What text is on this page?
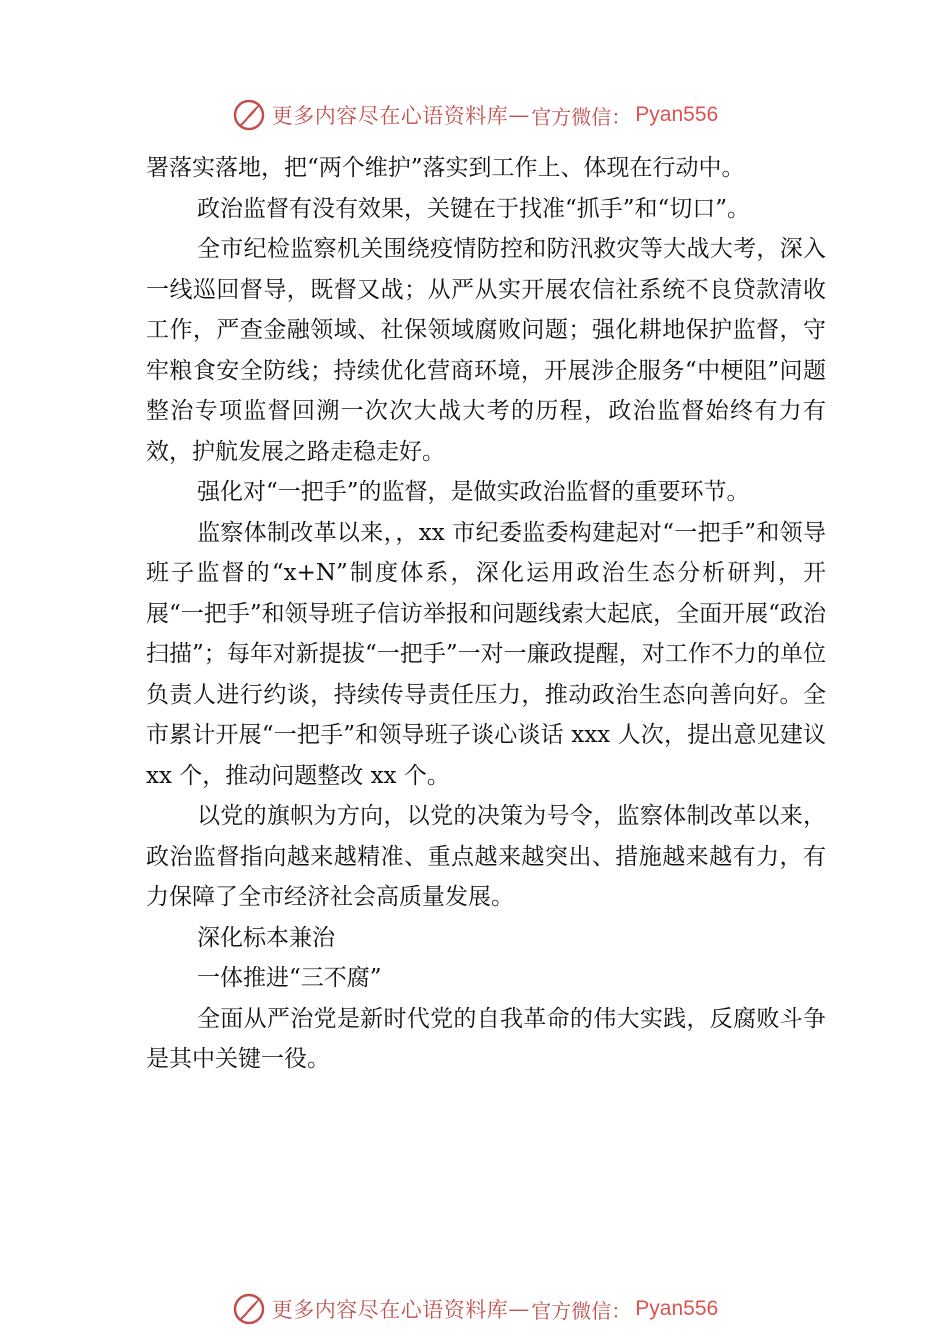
更多内容尽在心语资料库 — 官方微信： Pyan556

署落实落地，把“两个维护”落实到工作上、体现在行动中。

政治监督有没有效果，关键在于找准“抓手”和“切口”。

全市纪检监察机关围绕疫情防控和防汛救灾等大战大考，深入一线巡回督导，既督又战；从严从实开展农信社系统不良贷款清收工作，严查金融领域、社保领域腐败问题；强化耕地保护监督，守牢粮食安全防线；持续优化营商环境，开展涉企服务“中梗阻”问题整治专项监督回溯一次次大战大考的历程，政治监督始终有力有效，护航发展之路走稳走好。

强化对“一把手”的监督，是做实政治监督的重要环节。

监察体制改革以来，，xx 市纪委监委构建起对“一把手”和领导班子监督的“x+N”制度体系，深化运用政治生态分析研判，开展“一把手”和领导班子信访举报和问题线索大起底，全面开展“政治扫描”；每年对新提拔“一把手”一对一廉政提醒，对工作不力的单位负责人进行约谈，持续传导责任压力，推动政治生态向善向好。全市累计开展“一把手”和领导班子谈心谈话 xxx 人次，提出意见建议 xx 个，推动问题整改 xx 个。

以党的旗帜为方向，以党的决策为号令，监察体制改革以来，政治监督指向越来越精准、重点越来越突出、措施越来越有力，有力保障了全市经济社会高质量发展。

深化标本兼治

一体推进“三不腐”

全面从严治党是新时代党的自我革命的伟大实践，反腐败斗争是其中关键一役。

更多内容尽在心语资料库 — 官方微信： Pyan556
